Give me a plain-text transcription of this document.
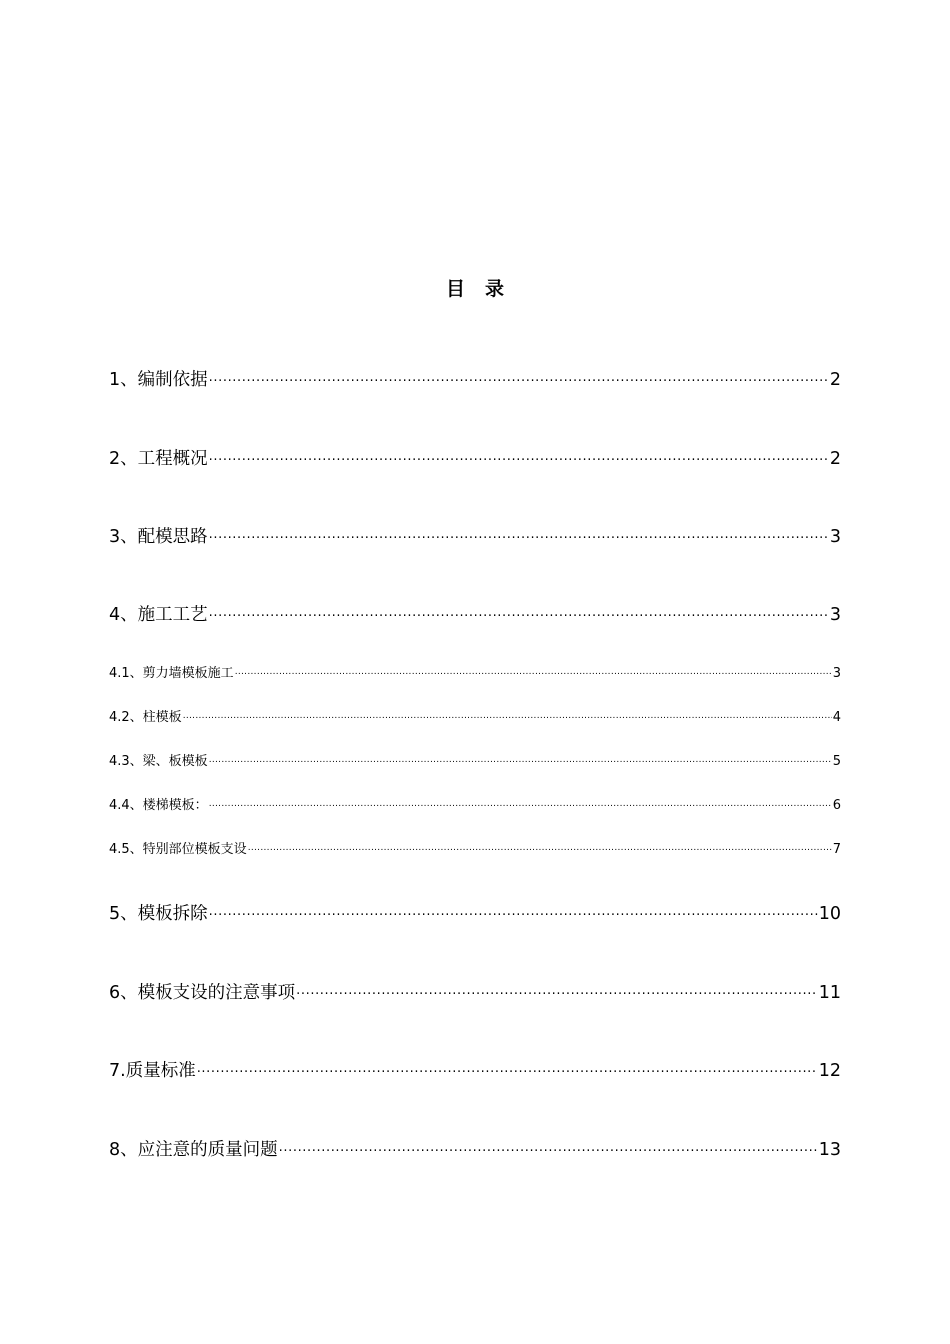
目 录
1、编制依据 .....	2
2、工程概况 .....	2
3、配模思路 .....	3
4、施工工艺 .....	3
4.1、剪力墙模板施工 .....	3
4.2、柱模板 .....	4
4.3、梁、板模板 .....	5
4.4、楼梯模板： .....	6
4.5、特别部位模板支设 .....	7
5、模板拆除 .....	10
6、模板支设的注意事项 .....	11
7.质量标准 .....	12
8、应注意的质量问题 .....	13
